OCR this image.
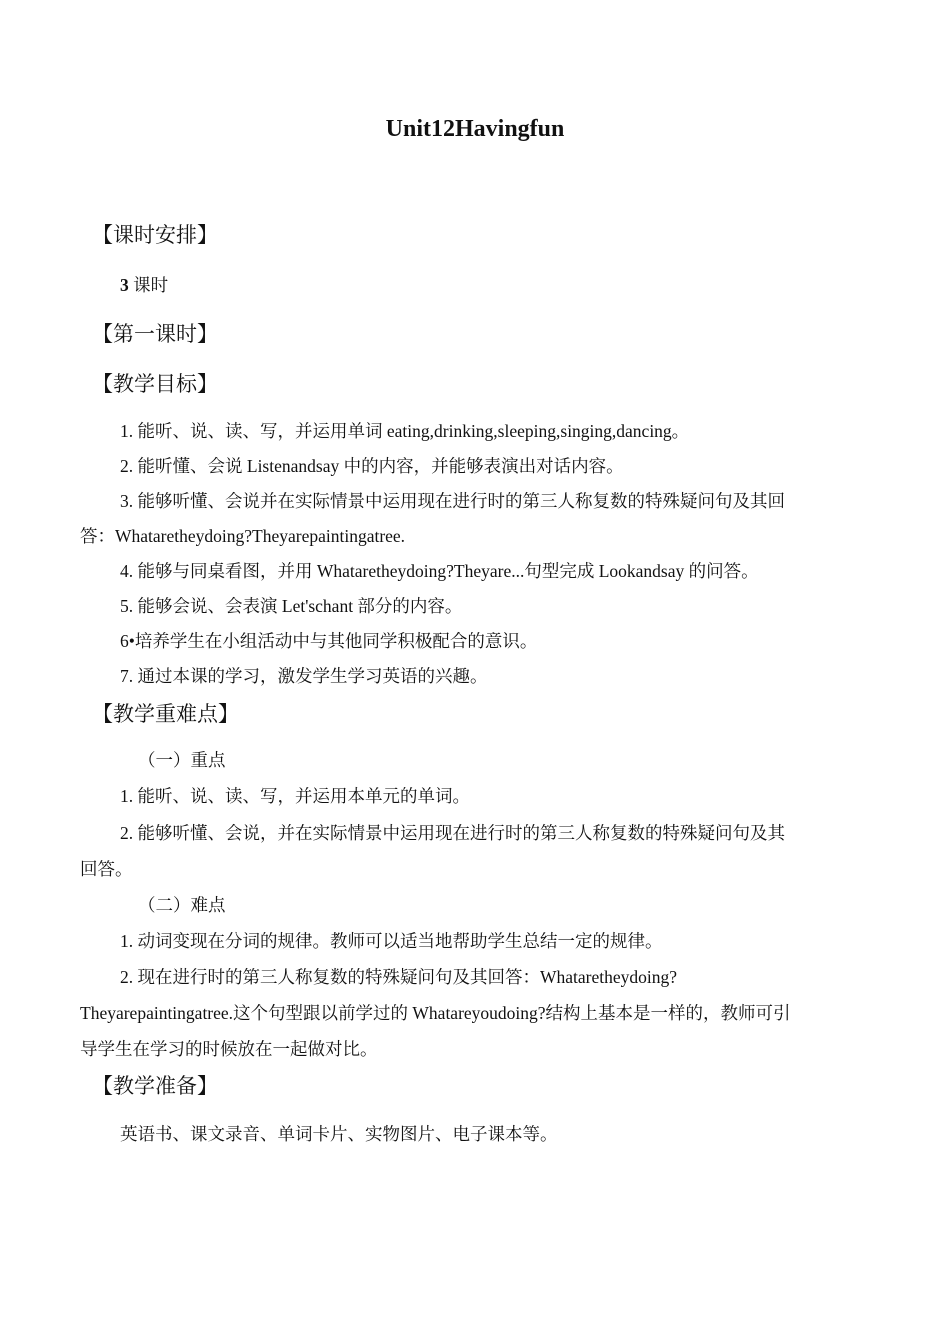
Unit12Havingfun
【课时安排】
3 课时
【第一课时】
【教学目标】
1. 能听、说、读、写，并运用单词 eating,drinking,sleeping,singing,dancing。
2. 能听懂、会说 Listenandsay 中的内容，并能够表演出对话内容。
3. 能够听懂、会说并在实际情景中运用现在进行时的第三人称复数的特殊疑问句及其回
答：Whataretheydoing?Theyarepaintingatree.
4. 能够与同桌看图，并用 Whataretheydoing?Theyare...句型完成 Lookandsay 的问答。
5. 能够会说、会表演 Let'schant 部分的内容。
6•培养学生在小组活动中与其他同学积极配合的意识。
7. 通过本课的学习，激发学生学习英语的兴趣。
【教学重难点】
（一）重点
1. 能听、说、读、写，并运用本单元的单词。
2. 能够听懂、会说，并在实际情景中运用现在进行时的第三人称复数的特殊疑问句及其
回答。
（二）难点
1. 动词变现在分词的规律。教师可以适当地帮助学生总结一定的规律。
2. 现在进行时的第三人称复数的特殊疑问句及其回答：Whataretheydoing?
Theyarepaintingatree.这个句型跟以前学过的 Whatareyoudoing?结构上基本是一样的，教师可引
导学生在学习的时候放在一起做对比。
【教学准备】
英语书、课文录音、单词卡片、实物图片、电子课本等。
